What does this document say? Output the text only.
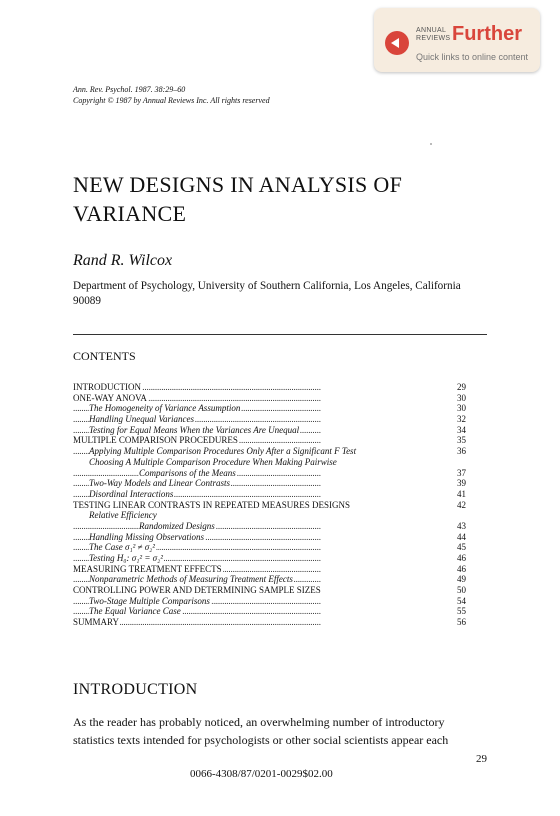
ANNUAL REVIEWS Further
Quick links to online content
Ann. Rev. Psychol. 1987. 38:29–60
Copyright © 1987 by Annual Reviews Inc. All rights reserved
NEW DESIGNS IN ANALYSIS OF VARIANCE
Rand R. Wilcox
Department of Psychology, University of Southern California, Los Angeles, California 90089
CONTENTS
. . .
INTRODUCTION	29
. . .
ONE-WAY ANOVA	30
. . .
The Homogeneity of Variance Assumption	30
. . .
Handling Unequal Variances	32
. . .
Testing for Equal Means When the Variances Are Unequal	34
. . .
MULTIPLE COMPARISON PROCEDURES	35
. . .
Applying Multiple Comparison Procedures Only After a Significant F Test	36
Choosing A Multiple Comparison Procedure When Making Pairwise
. . .
Comparisons of the Means	37
. . .
Two-Way Models and Linear Contrasts	39
. . .
Disordinal Interactions	41
. . .
TESTING LINEAR CONTRASTS IN REPEATED MEASURES DESIGNS	42
Relative Efficiency
. . .
Randomized Designs	43
. . .
Handling Missing Observations	44
. . .
The Case σ₁² ≠ σ₂²	45
. . .
Testing H₀: σ₁² = σ₂²	46
. . .
MEASURING TREATMENT EFFECTS	46
. . .
Nonparametric Methods of Measuring Treatment Effects	49
. . .
CONTROLLING POWER AND DETERMINING SAMPLE SIZES	50
. . .
Two-Stage Multiple Comparisons	54
. . .
The Equal Variance Case	55
. . .
SUMMARY	56
INTRODUCTION
As the reader has probably noticed, an overwhelming number of introductory statistics texts intended for psychologists or other social scientists appear each
29
0066-4308/87/0201-0029$02.00
